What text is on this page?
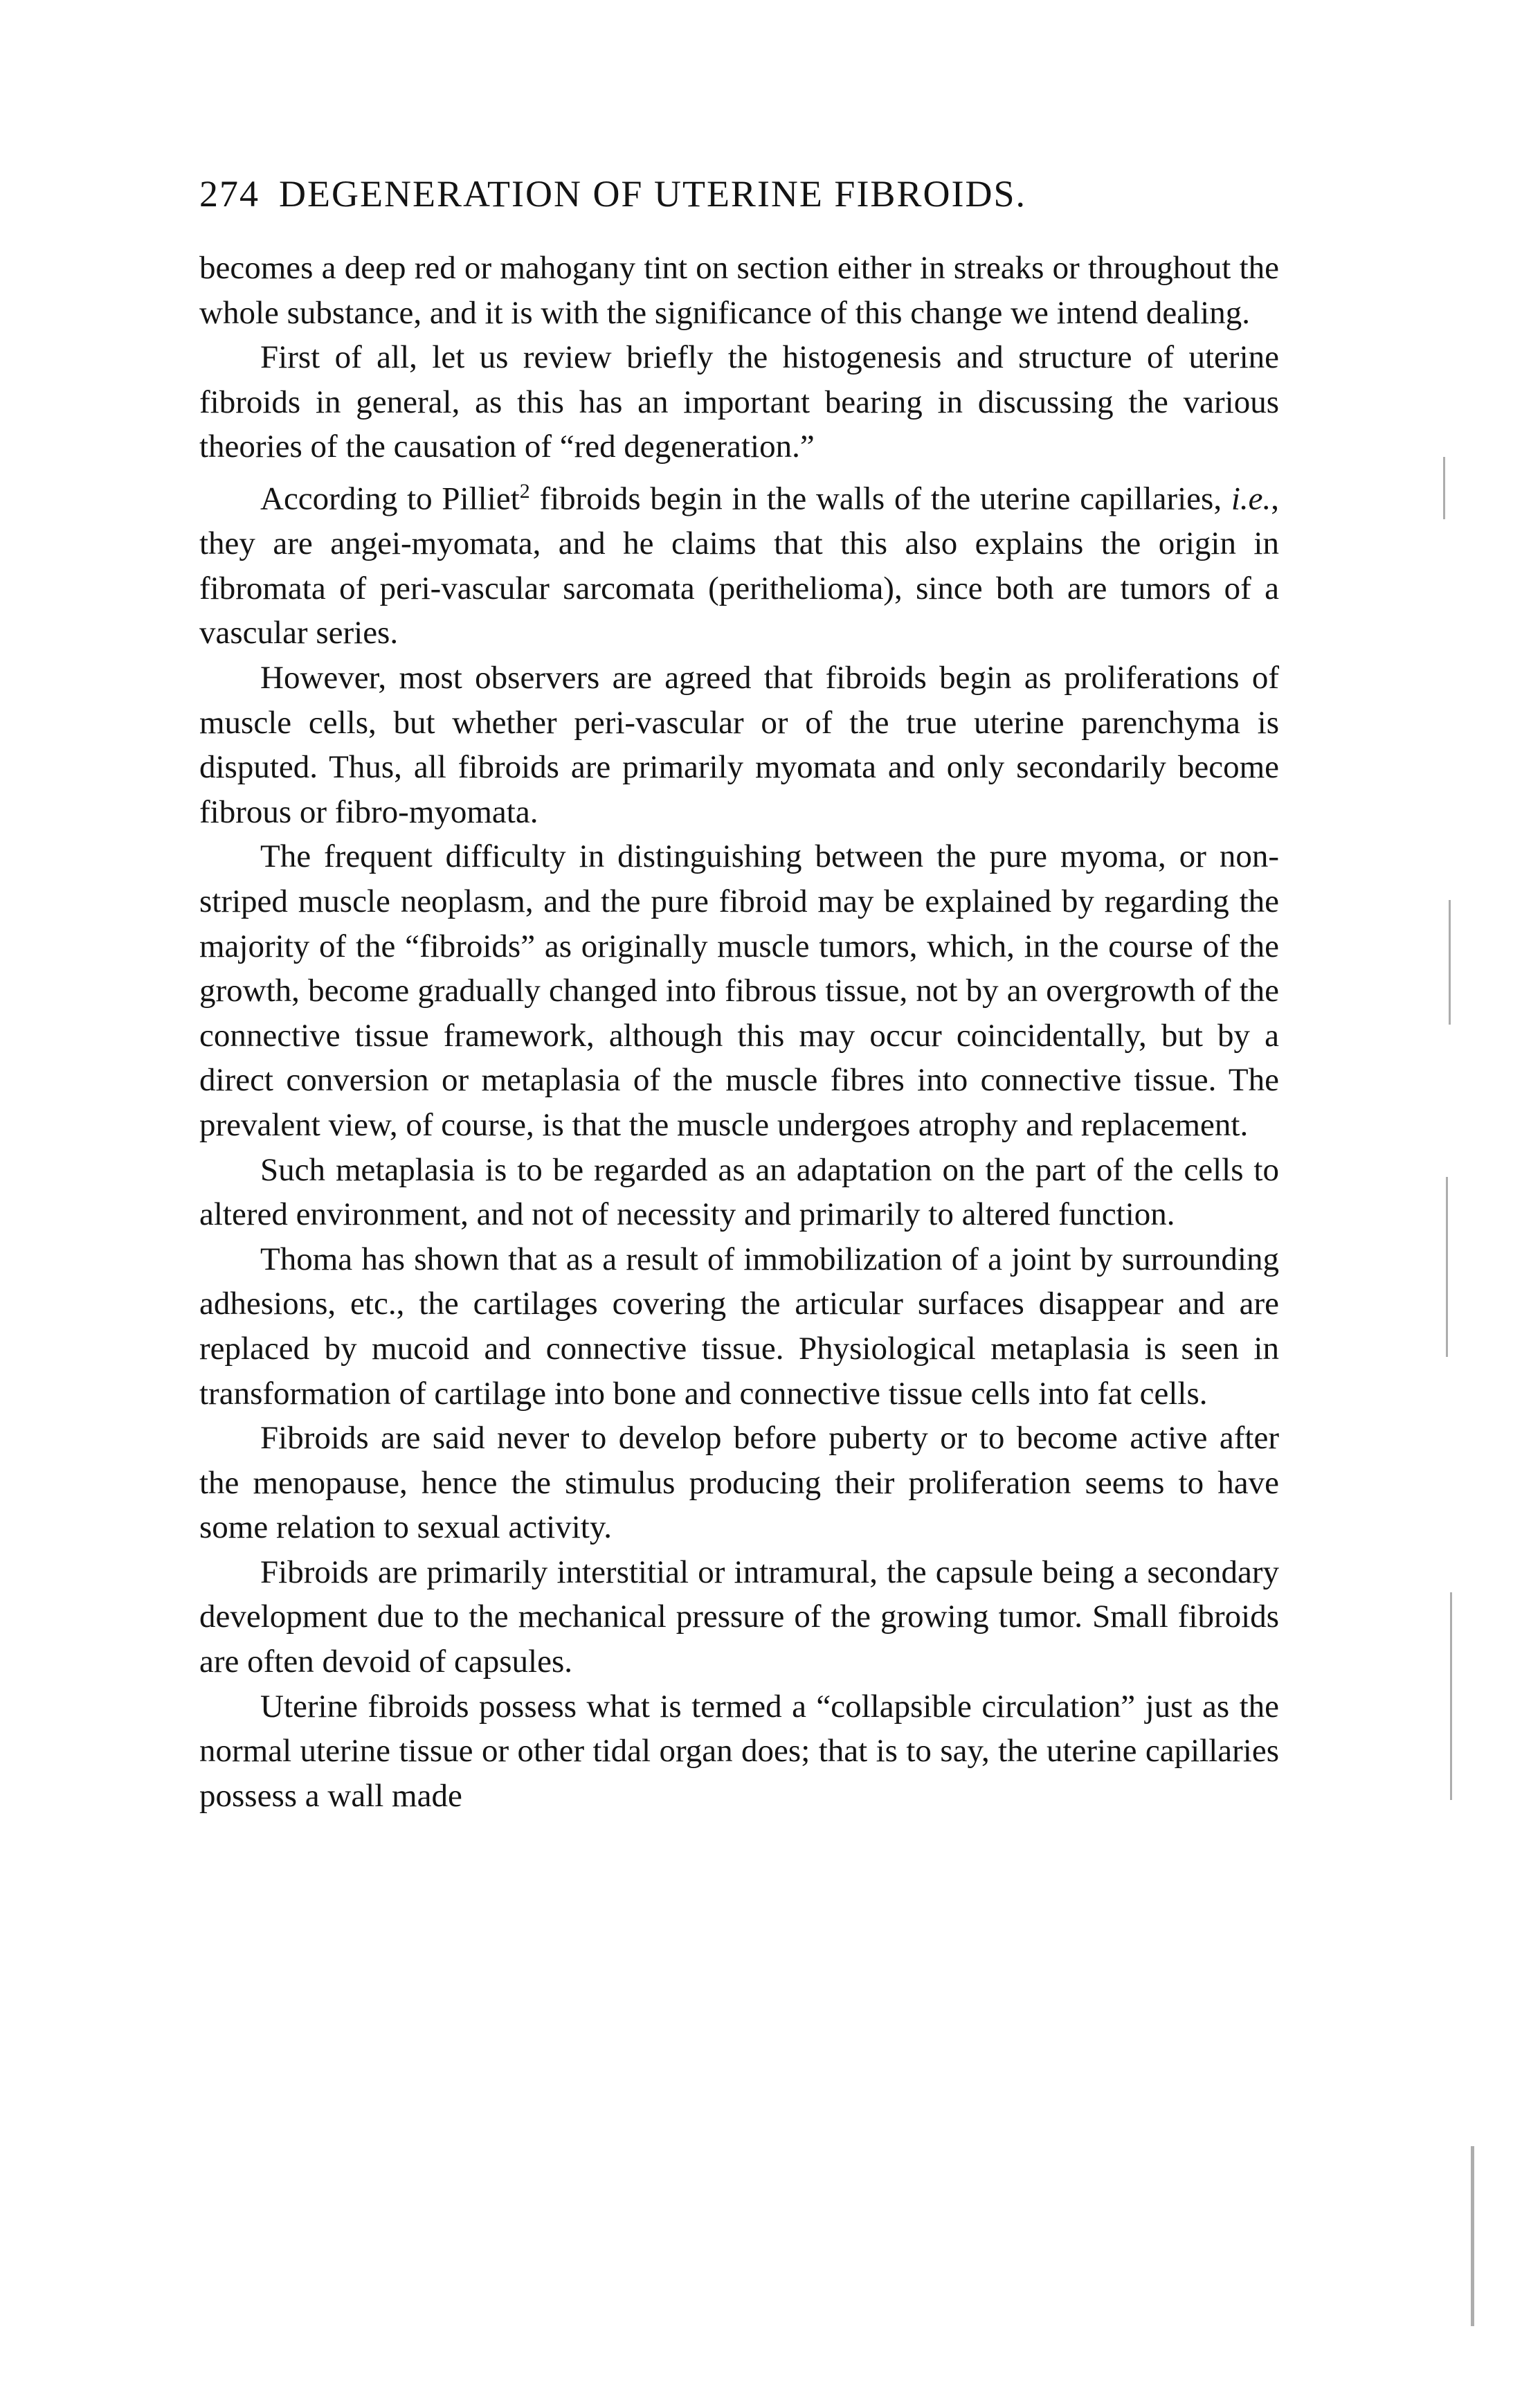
274 DEGENERATION OF UTERINE FIBROIDS.

becomes a deep red or mahogany tint on section either in streaks or throughout the whole substance, and it is with the significance of this change we intend dealing.

First of all, let us review briefly the histogenesis and structure of uterine fibroids in general, as this has an important bearing in discussing the various theories of the causation of “red degeneration.”

According to Pilliet$^2$ fibroids begin in the walls of the uterine capillaries, i.e., they are angei-myomata, and he claims that this also explains the origin in fibromata of peri-vascular sarcomata (perithelioma), since both are tumors of a vascular series.

However, most observers are agreed that fibroids begin as proliferations of muscle cells, but whether peri-vascular or of the true uterine parenchyma is disputed. Thus, all fibroids are primarily myomata and only secondarily become fibrous or fibro-myomata.

The frequent difficulty in distinguishing between the pure myoma, or non-striped muscle neoplasm, and the pure fibroid may be explained by regarding the majority of the “fibroids” as originally muscle tumors, which, in the course of the growth, become gradually changed into fibrous tissue, not by an overgrowth of the connective tissue framework, although this may occur coincidentally, but by a direct conversion or metaplasia of the muscle fibres into connective tissue. The prevalent view, of course, is that the muscle undergoes atrophy and replacement.

Such metaplasia is to be regarded as an adaptation on the part of the cells to altered environment, and not of necessity and primarily to altered function.

Thoma has shown that as a result of immobilization of a joint by surrounding adhesions, etc., the cartilages covering the articular surfaces disappear and are replaced by mucoid and connective tissue. Physiological metaplasia is seen in transformation of cartilage into bone and connective tissue cells into fat cells.

Fibroids are said never to develop before puberty or to become active after the menopause, hence the stimulus producing their proliferation seems to have some relation to sexual activity.

Fibroids are primarily interstitial or intramural, the capsule being a secondary development due to the mechanical pressure of the growing tumor. Small fibroids are often devoid of capsules.

Uterine fibroids possess what is termed a “collapsible circulation” just as the normal uterine tissue or other tidal organ does; that is to say, the uterine capillaries possess a wall made
